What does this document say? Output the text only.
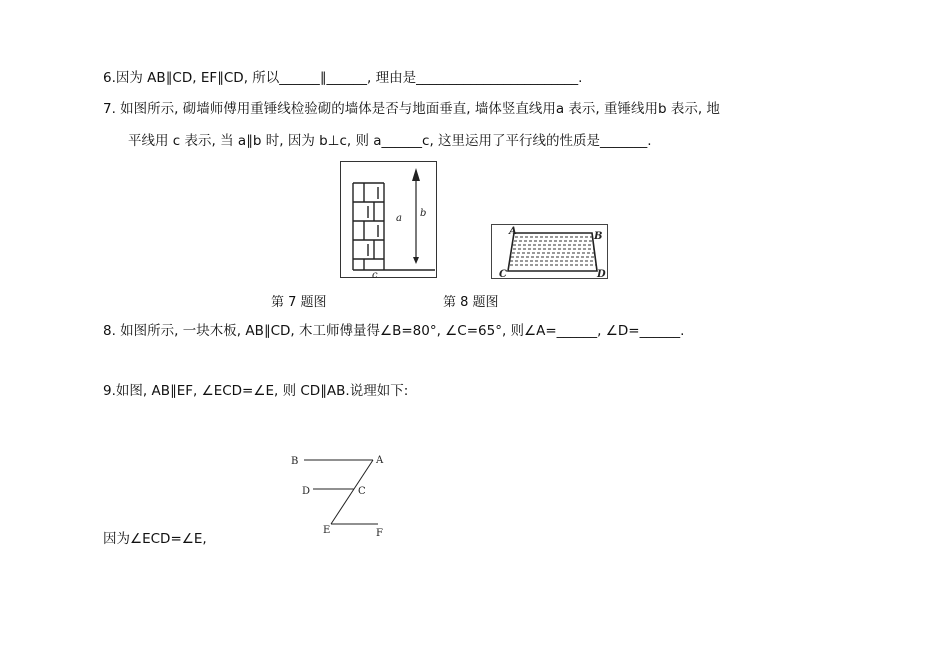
6.因为 AB∥CD, EF∥CD, 所以______∥______, 理由是________________________.
7. 如图所示, 砌墙师傅用重锤线检验砌的墙体是否与地面垂直, 墙体竖直线用a 表示, 重锤线用b 表示, 地
平线用 c 表示, 当 a∥b 时, 因为 b⊥c, 则 a______c, 这里运用了平行线的性质是_______.
a b
c
A	B
C	D
第 7 题图	第 8 题图
8. 如图所示, 一块木板, AB∥CD, 木工师傅量得∠B=80°, ∠C=65°, 则∠A=______, ∠D=______.
9.如图, AB∥EF, ∠ECD=∠E, 则 CD∥AB.说理如下:
B	A
D	C
E	F
因为∠ECD=∠E,
